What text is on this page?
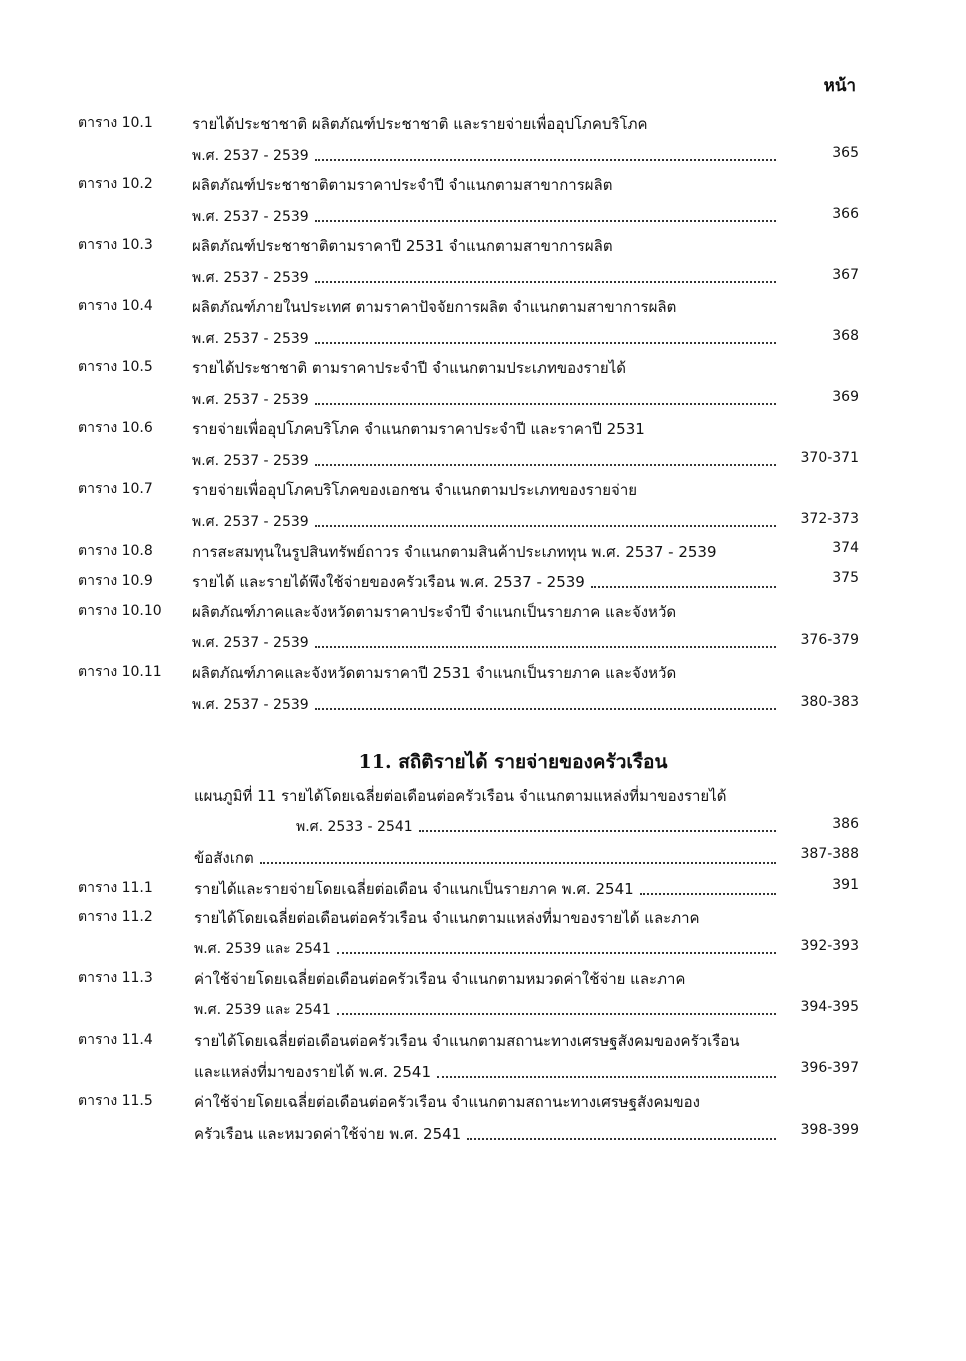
หน้า
ตาราง 10.1	รายได้ประชาชาติ ผลิตภัณฑ์ประชาชาติ และรายจ่ายเพื่ออุปโภคบริโภค
พ.ศ. 2537 - 2539	365
ตาราง 10.2	ผลิตภัณฑ์ประชาชาติตามราคาประจำปี จำแนกตามสาขาการผลิต
พ.ศ. 2537 - 2539	366
ตาราง 10.3	ผลิตภัณฑ์ประชาชาติตามราคาปี 2531 จำแนกตามสาขาการผลิต
พ.ศ. 2537 - 2539	367
ตาราง 10.4	ผลิตภัณฑ์ภายในประเทศ ตามราคาปัจจัยการผลิต จำแนกตามสาขาการผลิต
พ.ศ. 2537 - 2539	368
ตาราง 10.5	รายได้ประชาชาติ ตามราคาประจำปี จำแนกตามประเภทของรายได้
พ.ศ. 2537 - 2539	369
ตาราง 10.6	รายจ่ายเพื่ออุปโภคบริโภค จำแนกตามราคาประจำปี และราคาปี 2531
พ.ศ. 2537 - 2539	370-371
ตาราง 10.7	รายจ่ายเพื่ออุปโภคบริโภคของเอกชน จำแนกตามประเภทของรายจ่าย
พ.ศ. 2537 - 2539	372-373
ตาราง 10.8	การสะสมทุนในรูปสินทรัพย์ถาวร จำแนกตามสินค้าประเภททุน พ.ศ. 2537 - 2539	374
ตาราง 10.9	รายได้ และรายได้พึงใช้จ่ายของครัวเรือน พ.ศ. 2537 - 2539	375
ตาราง 10.10 ผลิตภัณฑ์ภาคและจังหวัดตามราคาประจำปี จำแนกเป็นรายภาค และจังหวัด
พ.ศ. 2537 - 2539	376-379
ตาราง 10.11 ผลิตภัณฑ์ภาคและจังหวัดตามราคาปี 2531 จำแนกเป็นรายภาค และจังหวัด
พ.ศ. 2537 - 2539	380-383
11. สถิติรายได้ รายจ่ายของครัวเรือน
แผนภูมิที่ 11 รายได้โดยเฉลี่ยต่อเดือนต่อครัวเรือน จำแนกตามแหล่งที่มาของรายได้
พ.ศ. 2533 - 2541	386
ข้อสังเกต	387-388
ตาราง 11.1	รายได้และรายจ่ายโดยเฉลี่ยต่อเดือน จำแนกเป็นรายภาค พ.ศ. 2541	391
ตาราง 11.2	รายได้โดยเฉลี่ยต่อเดือนต่อครัวเรือน จำแนกตามแหล่งที่มาของรายได้ และภาค
พ.ศ. 2539 และ 2541	392-393
ตาราง 11.3	ค่าใช้จ่ายโดยเฉลี่ยต่อเดือนต่อครัวเรือน จำแนกตามหมวดค่าใช้จ่าย และภาค
พ.ศ. 2539 และ 2541	394-395
ตาราง 11.4	รายได้โดยเฉลี่ยต่อเดือนต่อครัวเรือน จำแนกตามสถานะทางเศรษฐสังคมของครัวเรือน
และแหล่งที่มาของรายได้ พ.ศ. 2541	396-397
ตาราง 11.5	ค่าใช้จ่ายโดยเฉลี่ยต่อเดือนต่อครัวเรือน จำแนกตามสถานะทางเศรษฐสังคมของ
ครัวเรือน และหมวดค่าใช้จ่าย พ.ศ. 2541	398-399
